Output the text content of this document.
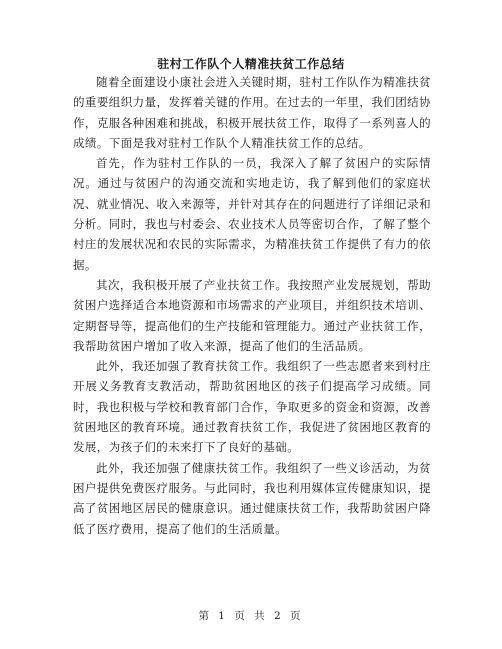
驻村工作队个人精准扶贫工作总结

随着全面建设小康社会进入关键时期，驻村工作队作为精准扶贫的重要组织力量，发挥着关键的作用。在过去的一年里，我们团结协作，克服各种困难和挑战，积极开展扶贫工作，取得了一系列喜人的成绩。下面是我对驻村工作队个人精准扶贫工作的总结。

首先，作为驻村工作队的一员，我深入了解了贫困户的实际情况。通过与贫困户的沟通交流和实地走访，我了解到他们的家庭状况、就业情况、收入来源等，并针对其存在的问题进行了详细记录和分析。同时，我也与村委会、农业技术人员等密切合作，了解了整个村庄的发展状况和农民的实际需求，为精准扶贫工作提供了有力的依据。

其次，我积极开展了产业扶贫工作。我按照产业发展规划，帮助贫困户选择适合本地资源和市场需求的产业项目，并组织技术培训、定期督导等，提高他们的生产技能和管理能力。通过产业扶贫工作，我帮助贫困户增加了收入来源，提高了他们的生活品质。

此外，我还加强了教育扶贫工作。我组织了一些志愿者来到村庄开展义务教育支教活动，帮助贫困地区的孩子们提高学习成绩。同时，我也积极与学校和教育部门合作，争取更多的资金和资源，改善贫困地区的教育环境。通过教育扶贫工作，我促进了贫困地区教育的发展，为孩子们的未来打下了良好的基础。

此外，我还加强了健康扶贫工作。我组织了一些义诊活动，为贫困户提供免费医疗服务。与此同时，我也利用媒体宣传健康知识，提高了贫困地区居民的健康意识。通过健康扶贫工作，我帮助贫困户降低了医疗费用，提高了他们的生活质量。

第 1 页 共 2 页
